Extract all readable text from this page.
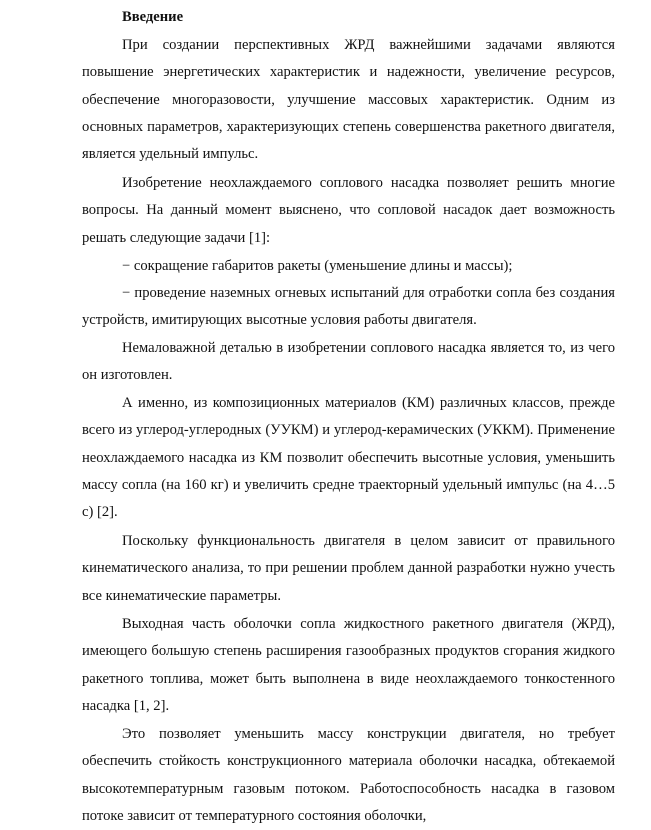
Введение

При создании перспективных ЖРД важнейшими задачами являются повышение энергетических характеристик и надежности, увеличение ресурсов, обеспечение многоразовости, улучшение массовых характеристик. Одним из основных параметров, характеризующих степень совершенства ракетного двигателя, является удельный импульс.

Изобретение неохлаждаемого соплового насадка позволяет решить многие вопросы. На данный момент выяснено, что сопловой насадок дает возможность решать следующие задачи [1]:

− сокращение габаритов ракеты (уменьшение длины и массы);

− проведение наземных огневых испытаний для отработки сопла без создания устройств, имитирующих высотные условия работы двигателя.

Немаловажной деталью в изобретении соплового насадка является то, из чего он изготовлен.

А именно, из композиционных материалов (КМ) различных классов, прежде всего из углерод-углеродных (УУКМ) и углерод-керамических (УККМ). Применение неохлаждаемого насадка из КМ позволит обеспечить высотные условия, уменьшить массу сопла (на 160 кг) и увеличить средне траекторный удельный импульс (на 4…5 с) [2].

Поскольку функциональность двигателя в целом зависит от правильного кинематического анализа, то при решении проблем данной разработки нужно учесть все кинематические параметры.

Выходная часть оболочки сопла жидкостного ракетного двигателя (ЖРД), имеющего большую степень расширения газообразных продуктов сгорания жидкого ракетного топлива, может быть выполнена в виде неохлаждаемого тонкостенного насадка [1, 2].

Это позволяет уменьшить массу конструкции двигателя, но требует обеспечить стойкость конструкционного материала оболочки насадка, обтекаемой высокотемпературным газовым потоком. Работоспособность насадка в газовом потоке зависит от температурного состояния оболочки,
